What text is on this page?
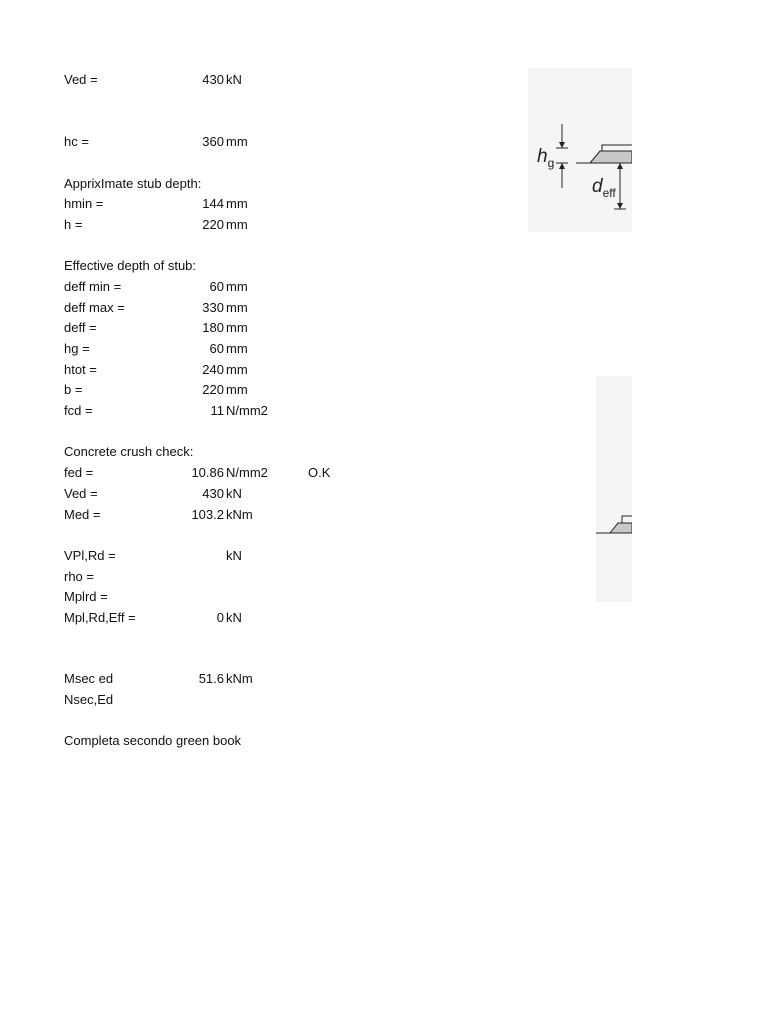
Ved =	430 kN
hc =	360 mm
ApprixImate stub depth:
hmin =	144 mm
h =	220 mm
Effective depth of stub:
deff min =	60 mm
deff max =	330 mm
deff =	180 mm
hg =	60 mm
htot =	240 mm
b =	220 mm
fcd =	11 N/mm2
Concrete crush check:
fed =	10.86 N/mm2	O.K
Ved =	430 kN
Med =	103.2 kNm
VPl,Rd =	kN
rho =
Mplrd =
Mpl,Rd,Eff =	0 kN
Msec ed	51.6 kNm
Nsec,Ed
Completa secondo green book
$h_g$
$d_{eff}$
